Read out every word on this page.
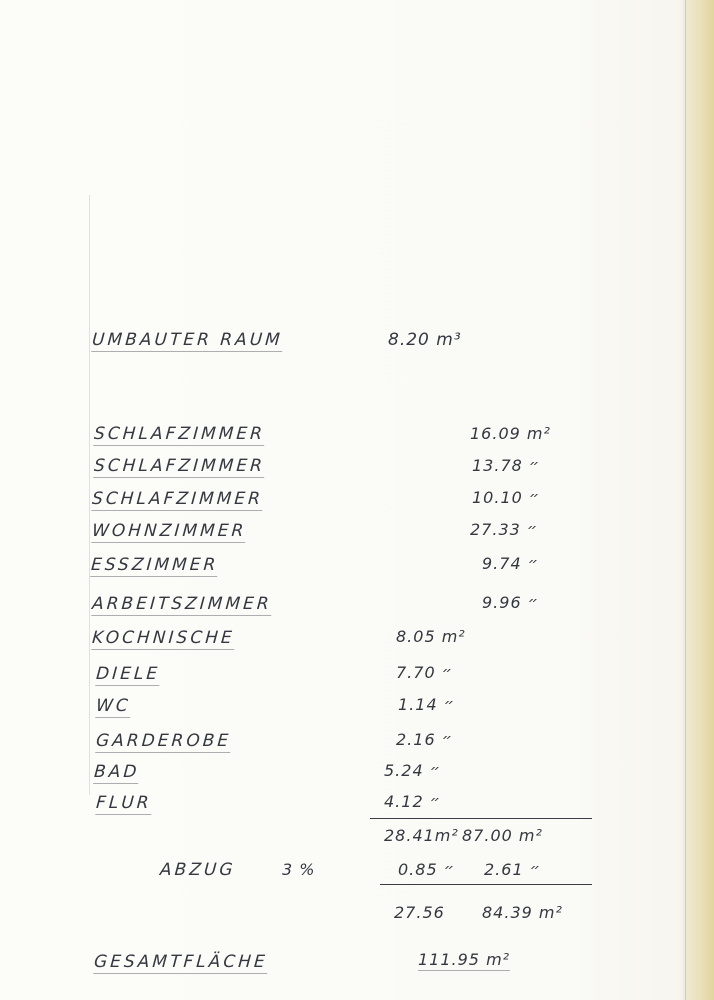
UMBAUTER RAUM	8.20 m³
SCHLAFZIMMER	16.09 m²
SCHLAFZIMMER	13.78 ״
SCHLAFZIMMER	10.10 ״
WOHNZIMMER	27.33 ״
ESSZIMMER	9.74 ״
ARBEITSZIMMER	9.96 ״
KOCHNISCHE	8.05 m²
DIELE	7.70 ״
WC	1.14 ״
GARDEROBE	2.16 ״
BAD	5.24 ״
FLUR	4.12 ״
28.41m² 87.00 m²
ABZUG	3 %	0.85 ״ 2.61 ״
27.56 84.39 m²
GESAMTFLÄCHE	111.95 m²
